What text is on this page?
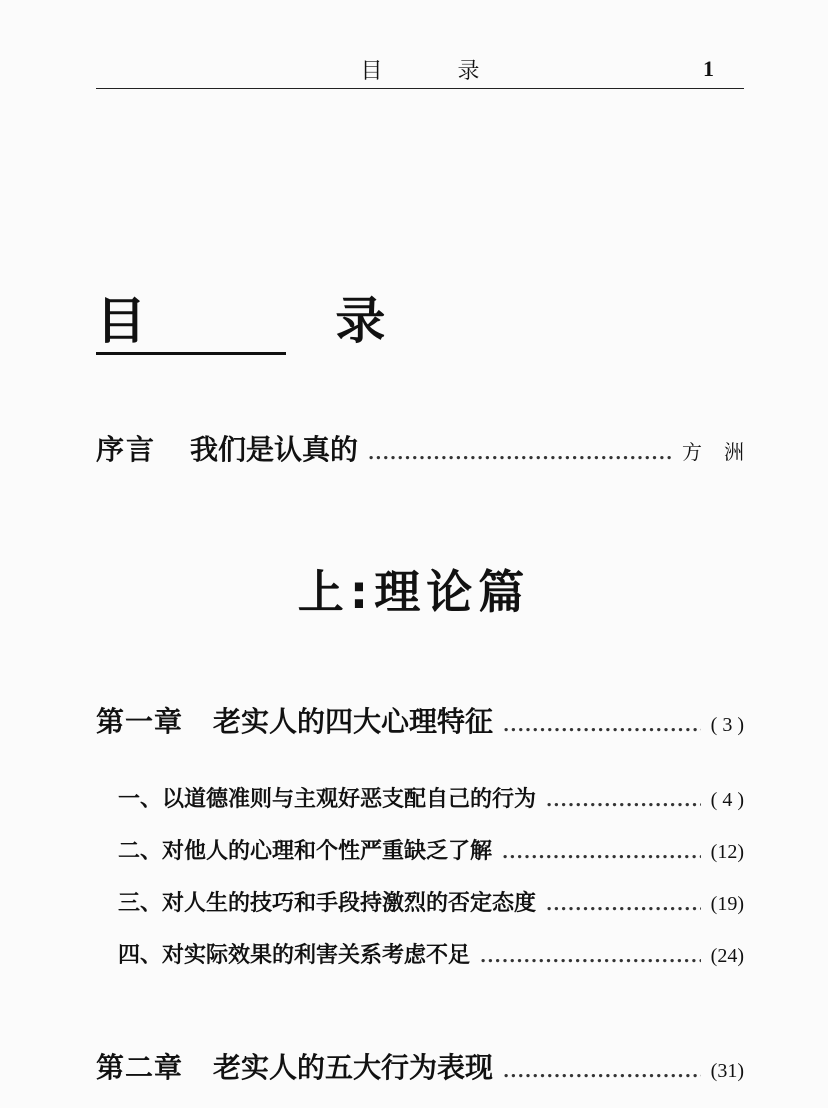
目 录	1
目 录
序言 我们是认真的 .....	方洲
上:理论篇
第一章 老实人的四大心理特征 .....	( 3 )
一、以道德准则与主观好恶支配自己的行为 .....	( 4 )
二、对他人的心理和个性严重缺乏了解 .....	(12)
三、对人生的技巧和手段持激烈的否定态度 .....	(19)
四、对实际效果的利害关系考虑不足 .....	(24)
第二章 老实人的五大行为表现 .....	(31)
